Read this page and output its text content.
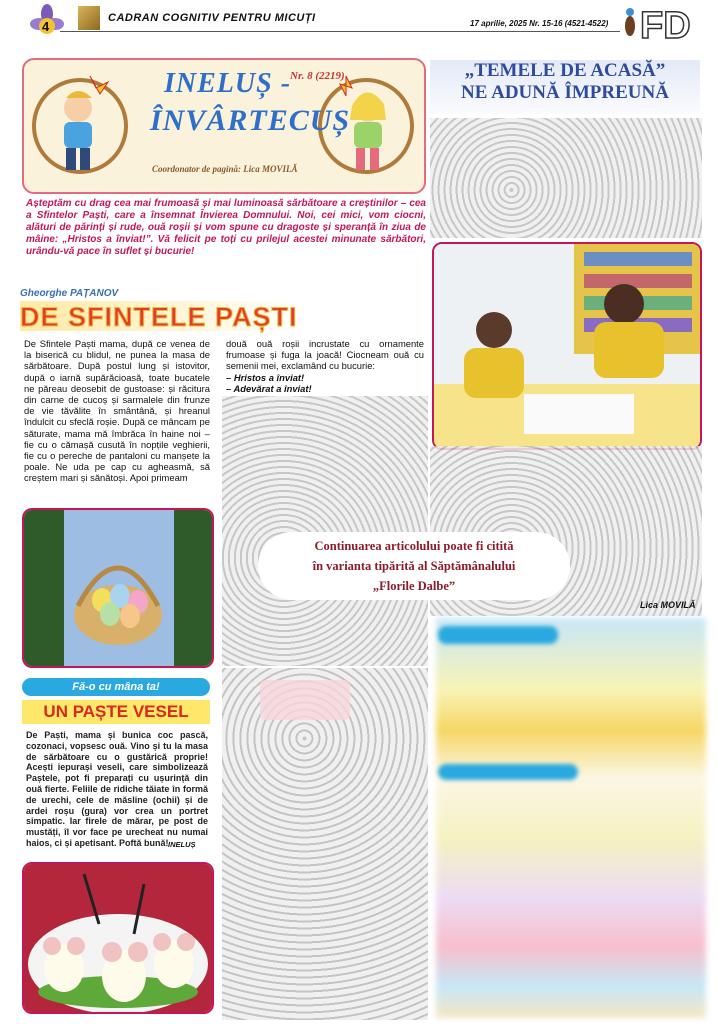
4
CADRAN COGNITIV PENTRU MICUȚI	17 aprilie, 2025 Nr. 15-16 (4521-4522) FD
INELUȘ -
Nr. 8 (2219)
ÎNVÂRTECUȘ
Coordonator de pagină: Lica MOVILĂ
Așteptăm cu drag cea mai frumoasă și mai luminoasă sărbătoare a creștinilor – cea a Sfintelor Paști, care a însemnat Învierea Domnului. Noi, cei mici, vom ciocni, alături de părinți și rude, ouă roșii și vom spune cu dragoste și speranță în ziua de mâine: „Hristos a înviat!”. Vă felicit pe toți cu prilejul acestei minunate sărbători, urându-vă pace în suflet și bucurie!
Gheorghe PAȚANOV
DE SFINTELE PAȘTI
De Sfintele Paști mama, după ce venea de la biserică cu blidul, ne punea la masa de sărbătoare. După postul lung și istovitor, după o iarnă supărăcioasă, toate bucatele ne păreau deosebit de gustoase: și răcitura din carne de cucoș și sarmalele din frunze de vie tăvălite în smântână, și hreanul îndulcit cu sfeclă roșie. După ce mâncam pe săturate, mama mă îmbrăca în haine noi – fie cu o cămașă cusută în nopțile veghierii, fie cu o pereche de pantaloni cu manșete la poale. Ne uda pe cap cu agheasmă, să creștem mari și sănătoși. Apoi primeam
două ouă roșii incrustate cu ornamente frumoase și fuga la joacă! Ciocneam ouă cu semenii mei, exclamând cu bucurie:
– Hristos a înviat!
– Adevărat a înviat!
Fă-o cu mâna ta!
UN PAȘTE VESEL
De Paști, mama și bunica coc pască, cozonaci, vopsesc ouă. Vino și tu la masa de sărbătoare cu o gustărică proprie! Acești iepurași veseli, care simbolizează Paștele, pot fi preparați cu ușurință din ouă fierte. Feliile de ridiche tăiate în formă de urechi, cele de măsline (ochii) și de ardei roșu (gura) vor crea un portret simpatic. Iar firele de mărar, pe post de mustăți, îl vor face pe urecheat nu numai haios, ci și apetisant. Poftă bună! INELUȘ
„TEMELE DE ACASĂ”
NE ADUNĂ ÎMPREUNĂ
Continuarea articolului poate fi citită
în varianta tipărită al Săptămânalului
„Florile Dalbe”
Lica MOVILĂ
